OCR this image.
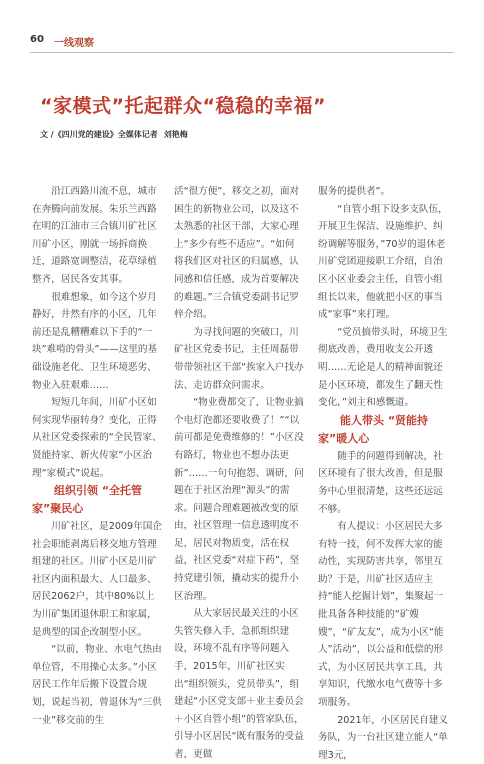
60 一线观察
“家模式”托起群众“稳稳的幸福”
文 /《四川党的建设》全媒体记者 刘艳梅

沿江西路川流不息，城市在奔腾向前发展。朱乐兰西路在明的江油市三合镇川矿社区川矿小区，刚就一场拆商换迁，道路宽调整洁，花草绿植整齐，居民各安其事。

很难想象，如今这个岁月静好，井然有序的小区，几年前还是乱糟糟难以下手的“一块”难啃的骨头”——这里的基础设施老化、卫生环境恶劣、物业入驻艰难……

短短几年间，川矿小区如何实现华丽转身？变化，正得从社区党委探索的“全民管家、贤能持家、新火传家”小区治理“家模式”说起。

组织引领 “全托管家”聚民心

川矿社区，是2009年国企社会职能剥离后移交地方管理组建的社区。川矿小区是川矿社区内面积最大、人口最多、居民2062户，其中80%以上为川矿集团退休职工和家属，是典型的国企改制型小区。

“以前，物业、水电气热由单位管，不用操心太多。”小区居民工作年后搬下设置合规划，说起当初，曾退休为“三供一业”移交前的生

活“很方便”，移交之初，面对困生的新物业公司，以及这不太熟悉的社区干部，大家心理上“多少有些不适应”。“如何将我们区对社区的归属感，认同感和信任感，成为首要解决的难题。”三合镇党委副书记罗梓介绍。

为寻找问题的突破口，川矿社区党委书记，主任周磊带带带领社区干部“挨家入户找办法、走访群众问需求。

“物业费都交了，让物业搞个电灯泡都还要收费了！”“以前可都是免费维修的！”小区没有路灯，物业也不想办法更新”……一句句抱怨、调研，问题在于社区治理“源头”的需求。问题合理难题被改变的原由，社区管理一信息透明度不足，居民对物质变，活在权益，社区党委“对症下药”，坚持党建引领，撬动实的提升小区治理。

从大家居民最关注的小区失管失修入手，急抓组织建设，环境不乱有序等问题入手，2015年，川矿社区实出“组织领头，党员带头”，组建起“小区党支部＋业主委员会＋小区自管小组”的管家队伍，引导小区居民“既有服务的受益者，更做

服务的提供者”。

“自管小组下设多支队伍，开展卫生保洁、设施维护、纠纷调解等服务，”70岁的退休老川矿党团迎接职工介绍，自治区小区业委会主任，自管小组组长以来，他就把小区的事当成“家事”来打理。

“党员搞带头时，环境卫生彻底改善，费用收支公开透明……无论是人的精神面貌还是小区环境，都发生了翻天性变化，”刘主和感慨道。

能人带头 “贤能持家”暖人心

随手的问题得到解决，社区环境有了很大改善，但是服务中心里很清楚，这些还远远不够。

有人提议：小区居民大多有特一技，何不发挥大家的能动性，实现防害共享，邻里互助？于是，川矿社区适应主持“能人挖掘计划”，集聚起一批具备各种技能的“矿嫂嫂”，“矿友友”，成为小区“能人”活动”，以公益和低偿的形式，为小区居民共享工具，共享知识，代缴水电气费等十多项服务。

2021年，小区居民自建义务队，为一台社区建立能人“单理3元，
